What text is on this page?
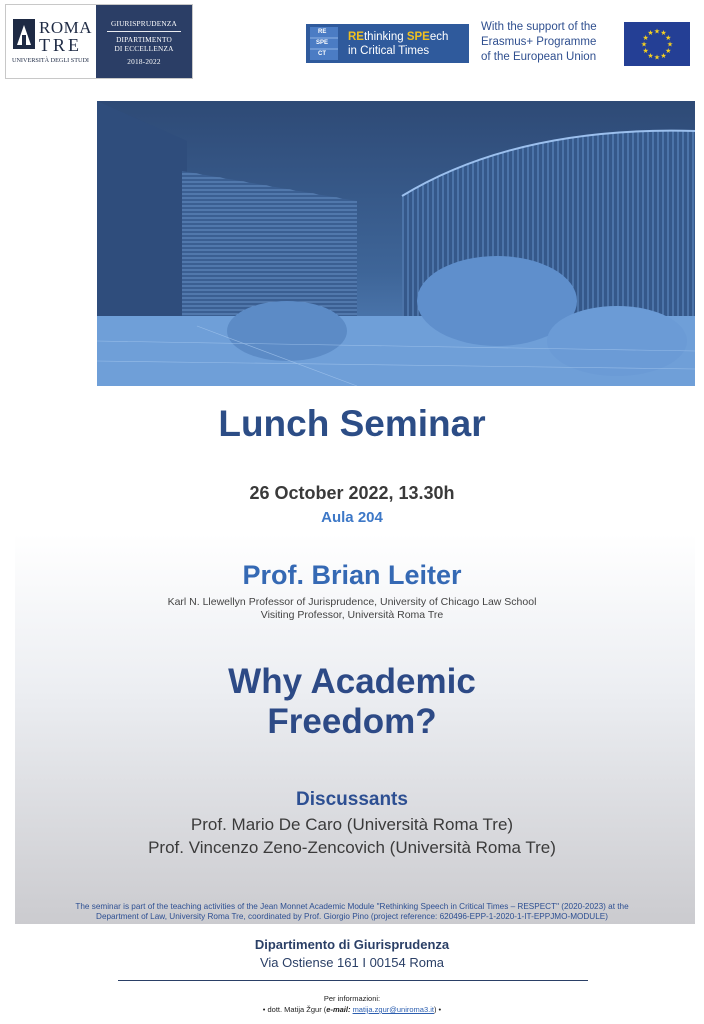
ROMA
TRE
UNIVERSITÀ DEGLI STUDI
GIURISPRUDENZA
DIPARTIMENTO
DI ECCELLENZA
2018-2022
RE
SPE
CT
REthinking SPEech
in Critical Times
With the support of the
Erasmus+ Programme
of the European Union
★
★
★
★
★
★
★
★
★ ★ ★
★
Lunch Seminar
26 October 2022, 13.30h
Aula 204
Prof. Brian Leiter
Karl N. Llewellyn Professor of Jurisprudence, University of Chicago Law School
Visiting Professor, Università Roma Tre
Why Academic
Freedom?
Discussants
Prof. Mario De Caro (Università Roma Tre)
Prof. Vincenzo Zeno-Zencovich (Università Roma Tre)
The seminar is part of the teaching activities of the Jean Monnet Academic Module "Rethinking Speech in Critical Times – RESPECT" (2020-2023) at the
Department of Law, University Roma Tre, coordinated by Prof. Giorgio Pino (project reference: 620496-EPP-1-2020-1-IT-EPPJMO-MODULE)
Dipartimento di Giurisprudenza
Via Ostiense 161 I 00154 Roma
Per informazioni:
• dott. Matija Žgur (e-mail: matija.zgur@uniroma3.it) •
